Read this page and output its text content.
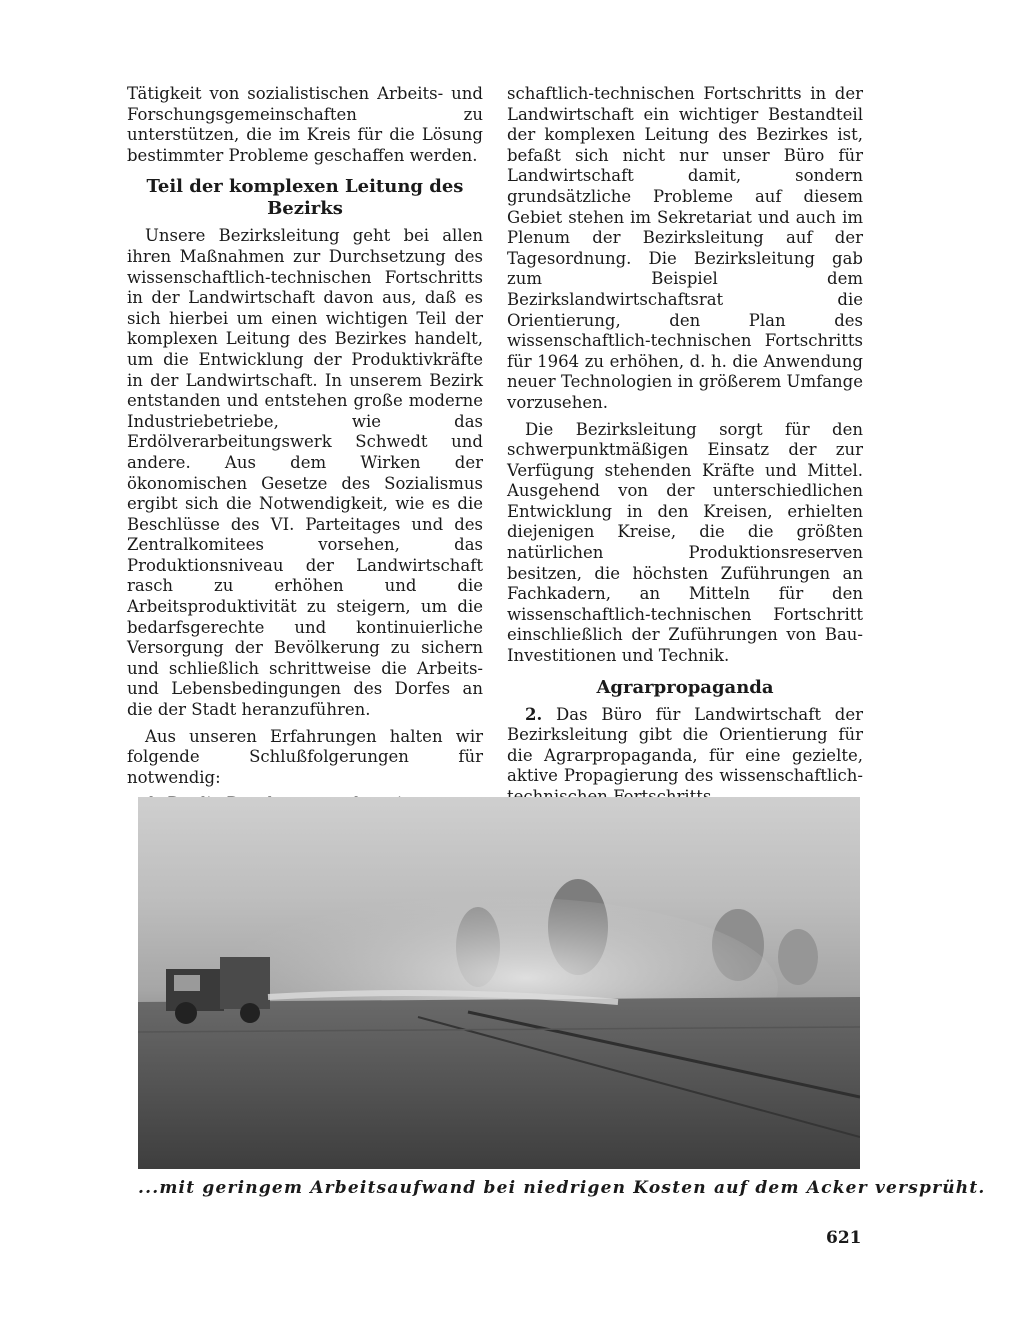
Tätigkeit von sozialistischen Arbeits- und Forschungsgemeinschaften zu unterstützen, die im Kreis für die Lösung bestimmter Probleme geschaffen werden.

Teil der komplexen Leitung des Bezirks

Unsere Bezirksleitung geht bei allen ihren Maßnahmen zur Durchsetzung des wissenschaftlich-technischen Fortschritts in der Landwirtschaft davon aus, daß es sich hierbei um einen wichtigen Teil der komplexen Leitung des Bezirkes handelt, um die Entwicklung der Produktivkräfte in der Landwirtschaft. In unserem Bezirk entstanden und entstehen große moderne Industriebetriebe, wie das Erdölverarbeitungswerk Schwedt und andere. Aus dem Wirken der ökonomischen Gesetze des Sozialismus ergibt sich die Notwendigkeit, wie es die Beschlüsse des VI. Parteitages und des Zentralkomitees vorsehen, das Produktionsniveau der Landwirtschaft rasch zu erhöhen und die Arbeitsproduktivität zu steigern, um die bedarfsgerechte und kontinuierliche Versorgung der Bevölkerung zu sichern und schließlich schrittweise die Arbeits- und Lebensbedingungen des Dorfes an die der Stadt heranzuführen.

Aus unseren Erfahrungen halten wir folgende Schlußfolgerungen für notwendig:

schaftlich-technischen Fortschritts in der Landwirtschaft ein wichtiger Bestandteil der komplexen Leitung des Bezirkes ist, befaßt sich nicht nur unser Büro für Landwirtschaft damit, sondern grundsätzliche Probleme auf diesem Gebiet stehen im Sekretariat und auch im Plenum der Bezirksleitung auf der Tagesordnung. Die Bezirksleitung gab zum Beispiel dem Bezirkslandwirtschaftsrat die Orientierung, den Plan des wissenschaftlich-technischen Fortschritts für 1964 zu erhöhen, d. h. die Anwendung neuer Technologien in größerem Umfange vorzusehen.

Die Bezirksleitung sorgt für den schwerpunktmäßigen Einsatz der zur Verfügung stehenden Kräfte und Mittel. Ausgehend von der unterschiedlichen Entwicklung in den Kreisen, erhielten diejenigen Kreise, die die größten natürlichen Produktionsreserven besitzen, die höchsten Zuführungen an Fachkadern, an Mitteln für den wissenschaftlich-technischen Fortschritt einschließlich der Zuführungen von Bau-Investitionen und Technik.

Agrarpropaganda

2. Das Büro für Landwirtschaft der Bezirksleitung gibt die Orientierung für die Agrarpropaganda, für eine gezielte, aktive Propagierung des wissenschaftlich-

...mit geringem Arbeitsaufwand bei niedrigen Kosten auf dem Acker versprüht.
621
